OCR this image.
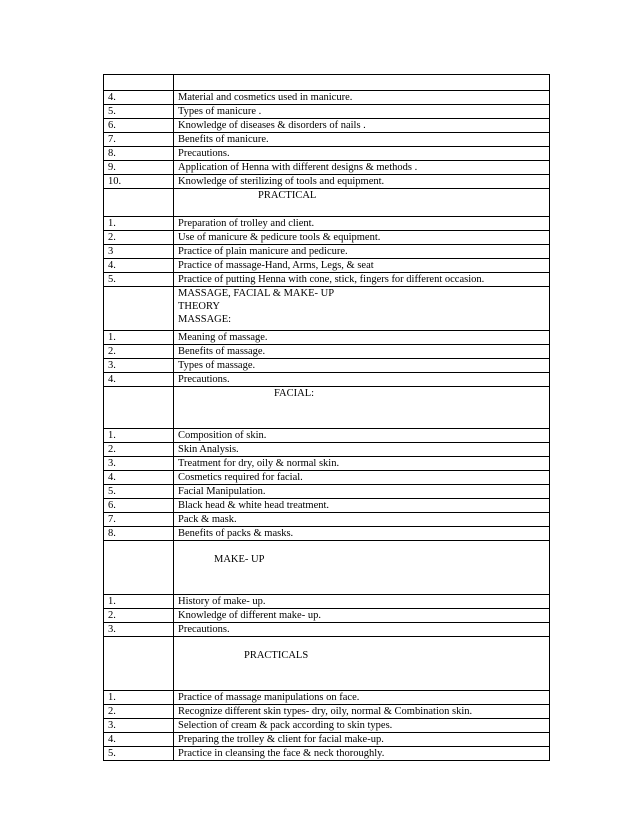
4.	Material and cosmetics used in manicure.

5.	Types of manicure .

6.	Knowledge of diseases & disorders of nails .

7.	Benefits of manicure.

8.	Precautions.

9.	Application of Henna with different designs & methods .

10.	Knowledge of sterilizing of tools and equipment.

	PRACTICAL

1.	Preparation of trolley and client.

2.	Use of manicure & pedicure tools & equipment.

3	Practice of plain manicure and pedicure.

4.	Practice of massage-Hand, Arms, Legs, & seat

5.	Practice of putting Henna with cone, stick, fingers for different occasion.

	MASSAGE, FACIAL & MAKE- UP
THEORY
MASSAGE:

1.	Meaning of massage.

2.	Benefits of massage.

3.	Types of massage.

4.	Precautions.

	FACIAL:

1.	Composition of skin.

2.	Skin Analysis.

3.	Treatment for dry, oily & normal skin.

4.	Cosmetics required for facial.

5.	Facial Manipulation.

6.	Black head & white head treatment.

7.	Pack & mask.

8.	Benefits of packs & masks.

	MAKE- UP

1.	History of make- up.

2.	Knowledge of different make- up.

3.	Precautions.

	PRACTICALS

1.	Practice of massage manipulations on face.

2.	Recognize different skin types- dry, oily, normal & Combination skin.

3.	Selection of cream & pack according to skin types.

4.	Preparing the trolley & client for facial make-up.

5.	Practice in cleansing the face & neck thoroughly.
